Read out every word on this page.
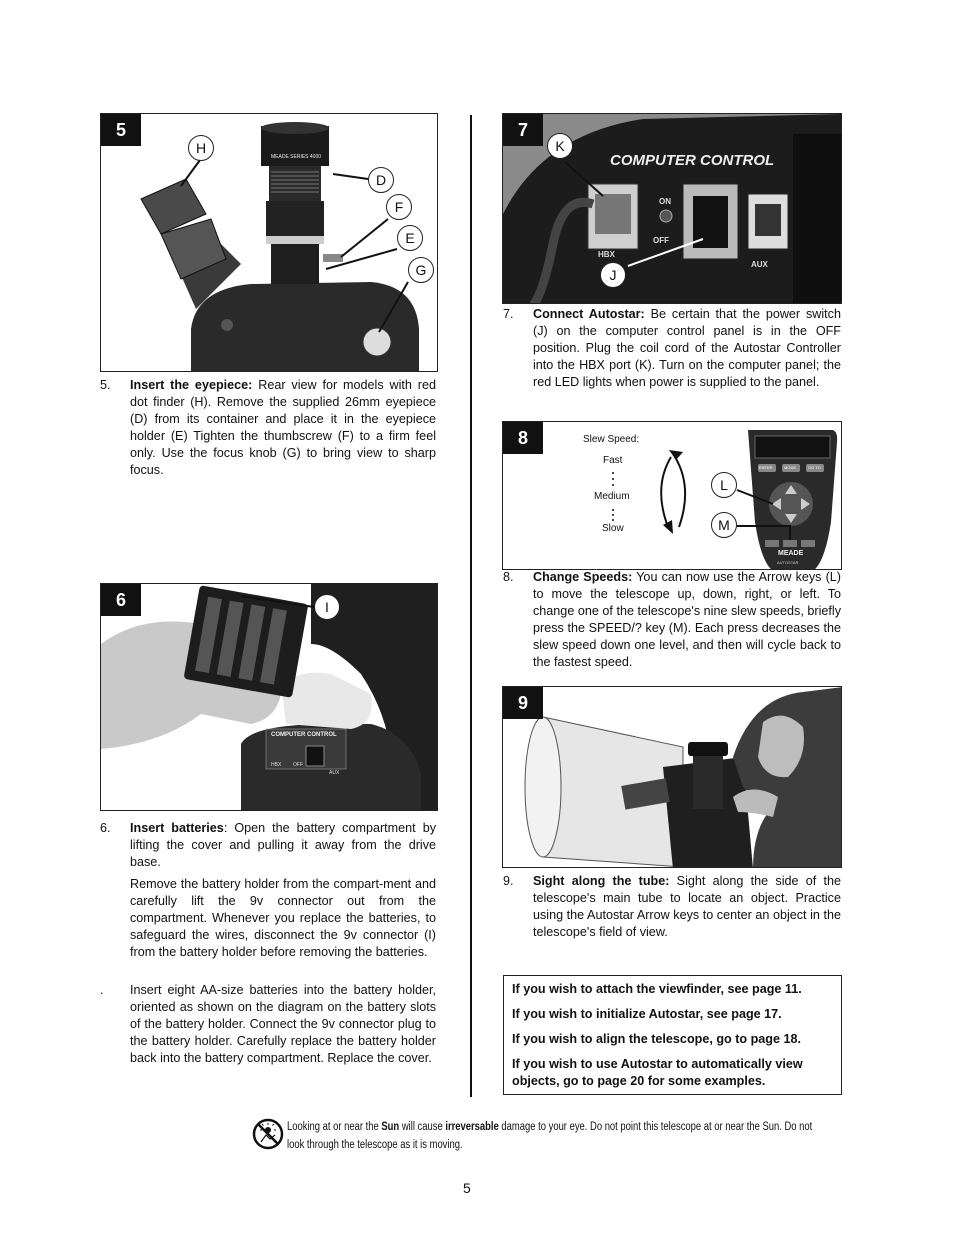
5
MEADE SERIES 4000
H
D
F
E
G
5. Insert the eyepiece: Rear view for models with red dot finder (H). Remove the supplied 26mm eyepiece (D) from its container and place it in the eyepiece holder (E) Tighten the thumbscrew (F) to a firm feel only. Use the focus knob (G) to bring view to sharp focus.
6
COMPUTER CONTROL
HBX OFF
AUX
I
6. Insert batteries: Open the battery compartment by lifting the cover and pulling it away from the drive base.
Remove the battery holder from the compart-ment and carefully lift the 9v connector out from the compartment. Whenever you replace the batteries, to safeguard the wires, disconnect the 9v connector (I) from the battery holder before removing the batteries.
. Insert eight AA-size batteries into the battery holder, oriented as shown on the diagram on the battery slots of the battery holder. Connect the 9v connector plug to the battery holder. Carefully replace the battery holder back into the battery compartment. Replace the cover.
7
COMPUTER CONTROL
ON
OFF
HBX
AUX
K
J
7. Connect Autostar: Be certain that the power switch (J) on the computer control panel is in the OFF position. Plug the coil cord of the Autostar Controller into the HBX port (K). Turn on the computer panel; the red LED lights when power is supplied to the panel.
8	Slew Speed:
Fast
Medium
Slow
ENTER	MODE	GO TO
MEADE
AUTOSTAR
L
M
8. Change Speeds: You can now use the Arrow keys (L) to move the telescope up, down, right, or left. To change one of the telescope's nine slew speeds, briefly press the SPEED/? key (M). Each press decreases the slew speed down one level, and then will cycle back to the fastest speed.
9
9. Sight along the tube: Sight along the side of the telescope's main tube to locate an object. Practice using the Autostar Arrow keys to center an object in the telescope's field of view.
If you wish to attach the viewfinder, see page 11.
If you wish to initialize Autostar, see page 17.
If you wish to align the telescope, go to page 18.
If you wish to use Autostar to automatically view objects, go to page 20 for some examples.
Looking at or near the Sun will cause irreversable damage to your eye. Do not point this telescope at or near the Sun. Do not look through the telescope as it is moving.
5
